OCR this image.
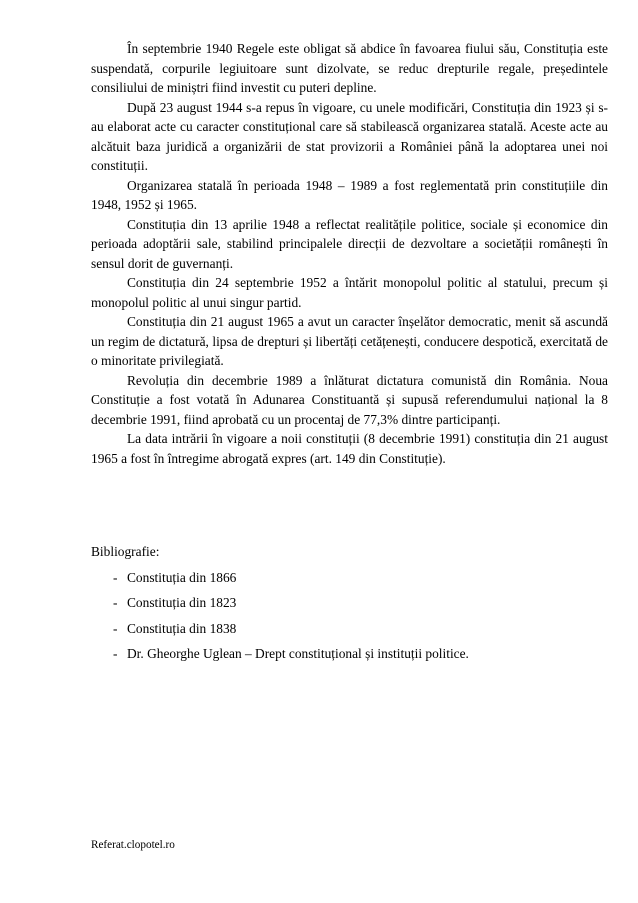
În septembrie 1940 Regele este obligat să abdice în favoarea fiului său, Constituția este suspendată, corpurile legiuitoare sunt dizolvate, se reduc drepturile regale, președintele consiliului de miniștri fiind investit cu puteri depline.

După 23 august 1944 s-a repus în vigoare, cu unele modificări, Constituția din 1923 și s-au elaborat acte cu caracter constituțional care să stabilească organizarea statală. Aceste acte au alcătuit baza juridică a organizării de stat provizorii a României până la adoptarea unei noi constituții.

Organizarea statală în perioada 1948 – 1989 a fost reglementată prin constituțiile din 1948, 1952 și 1965.

Constituția din 13 aprilie 1948 a reflectat realitățile politice, sociale și economice din perioada adoptării sale, stabilind principalele direcții de dezvoltare a societății românești în sensul dorit de guvernanți.

Constituția din 24 septembrie 1952 a întărit monopolul politic al statului, precum și monopolul politic al unui singur partid.

Constituția din 21 august 1965 a avut un caracter înșelător democratic, menit să ascundă un regim de dictatură, lipsa de drepturi și libertăți cetățenești, conducere despotică, exercitată de o minoritate privilegiată.

Revoluția din decembrie 1989 a înlăturat dictatura comunistă din România. Noua Constituție a fost votată în Adunarea Constituantă și supusă referendumului național la 8 decembrie 1991, fiind aprobată cu un procentaj de 77,3% dintre participanți.

La data intrării în vigoare a noii constituții (8 decembrie 1991) constituția din 21 august 1965 a fost în întregime abrogată expres (art. 149 din Constituție).

Bibliografie:

- Constituția din 1866
- Constituția din 1823
- Constituția din 1838
- Dr. Gheorghe Uglean – Drept constituțional și instituții politice.
Referat.clopotel.ro
